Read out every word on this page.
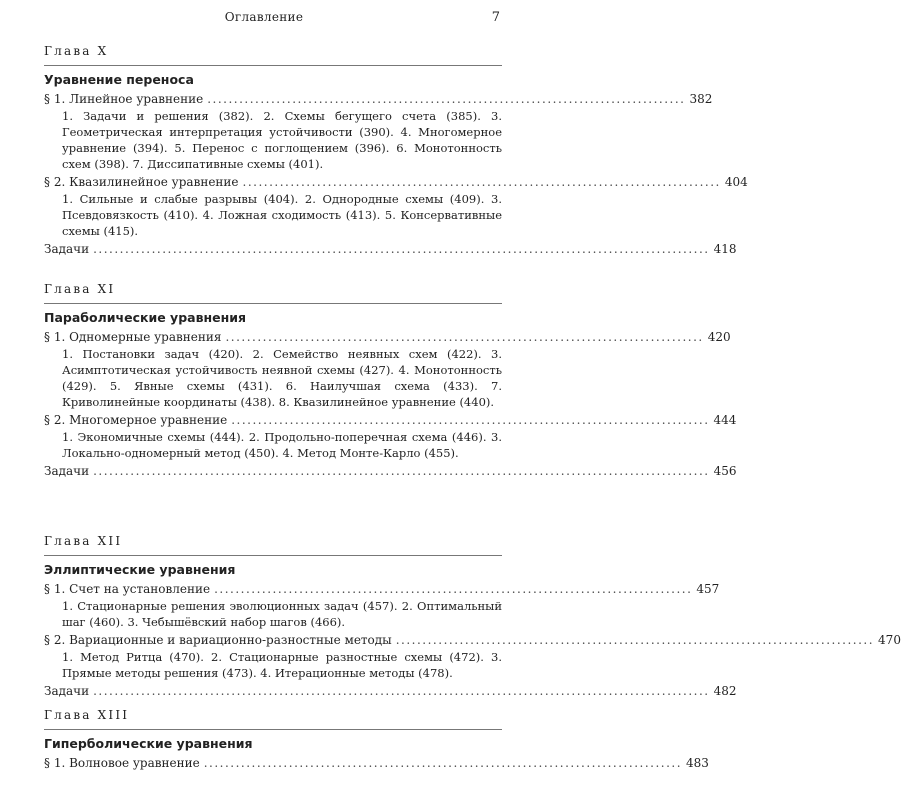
Оглавление	7
Глава X
Уравнение переноса
§ 1. Линейное уравнение .......................................................................................... 382

1. Задачи и решения (382). 2. Схемы бегущего счета (385). 3. Геометрическая интерпретация устойчивости (390). 4. Многомерное уравнение (394). 5. Перенос с поглощением (396). 6. Монотонность схем (398). 7. Диссипативные схемы (401).

§ 2. Квазилинейное уравнение .......................................................................................... 404

1. Сильные и слабые разрывы (404). 2. Однородные схемы (409). 3. Псевдовязкость (410). 4. Ложная сходимость (413). 5. Консервативные схемы (415).

Задачи .................................................................................................................... 418
Глава XI
Параболические уравнения
§ 1. Одномерные уравнения .......................................................................................... 420

1. Постановки задач (420). 2. Семейство неявных схем (422). 3. Асимптотическая устойчивость неявной схемы (427). 4. Монотонность (429). 5. Явные схемы (431). 6. Наилучшая схема (433). 7. Криволинейные координаты (438). 8. Квазилинейное уравнение (440).

§ 2. Многомерное уравнение .......................................................................................... 444

1. Экономичные схемы (444). 2. Продольно-поперечная схема (446). 3. Локально-одномерный метод (450). 4. Метод Монте-Карло (455).

Задачи .................................................................................................................... 456
Глава XII
Эллиптические уравнения
§ 1. Счет на установление .......................................................................................... 457

1. Стационарные решения эволюционных задач (457). 2. Оптимальный шаг (460). 3. Чебышёвский набор шагов (466).

§ 2. Вариационные и вариационно-разностные методы .......................................................................................... 470

1. Метод Ритца (470). 2. Стационарные разностные схемы (472). 3. Прямые методы решения (473). 4. Итерационные методы (478).

Задачи .................................................................................................................... 482
Глава XIII
Гиперболические уравнения
§ 1. Волновое уравнение .......................................................................................... 483
